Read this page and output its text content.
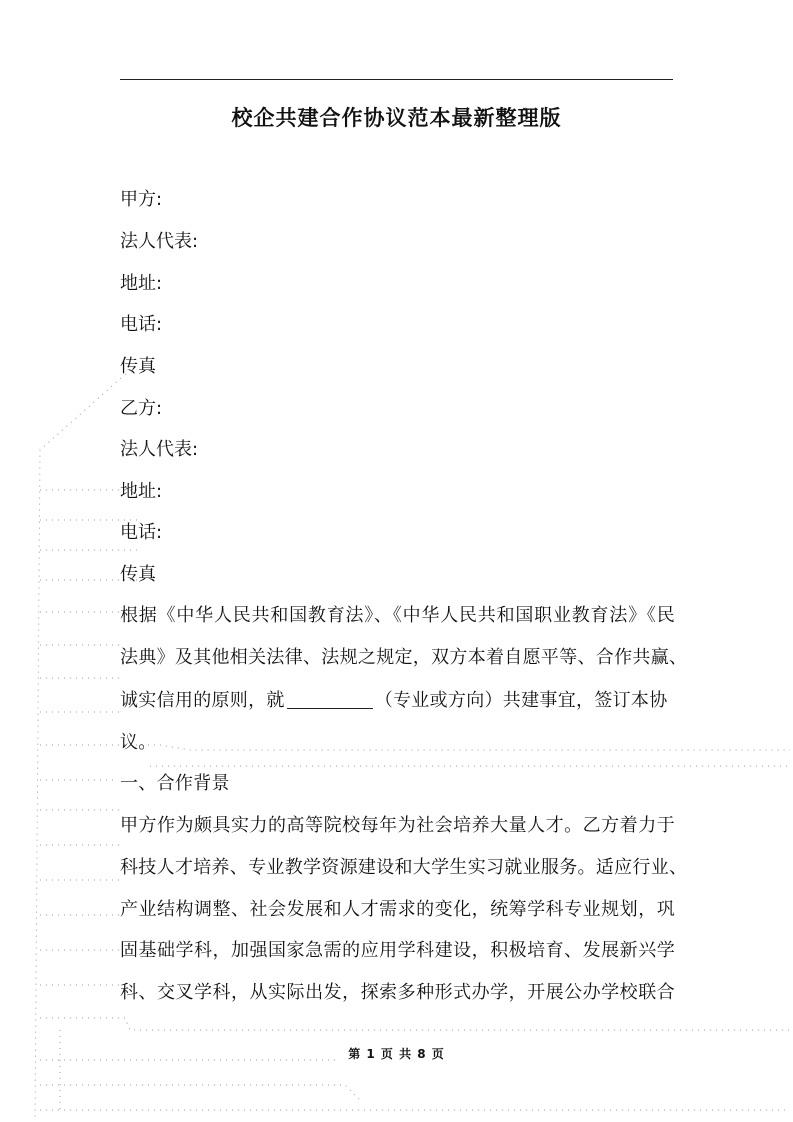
校企共建合作协议范本最新整理版
甲方:
法人代表:
地址:
电话:
传真
乙方:
法人代表:
地址:
电话:
传真
根据《中华人民共和国教育法》、《中华人民共和国职业教育法》《民
法典》及其他相关法律、法规之规定，双方本着自愿平等、合作共赢、
诚实信用的原则，就	（专业或方向）共建事宜，签订本协
议。
一、合作背景
甲方作为颇具实力的高等院校每年为社会培养大量人才。乙方着力于
科技人才培养、专业教学资源建设和大学生实习就业服务。适应行业、
产业结构调整、社会发展和人才需求的变化，统筹学科专业规划，巩
固基础学科，加强国家急需的应用学科建设，积极培育、发展新兴学
科、交叉学科，从实际出发，探索多种形式办学，开展公办学校联合
第 1 页 共 8 页
